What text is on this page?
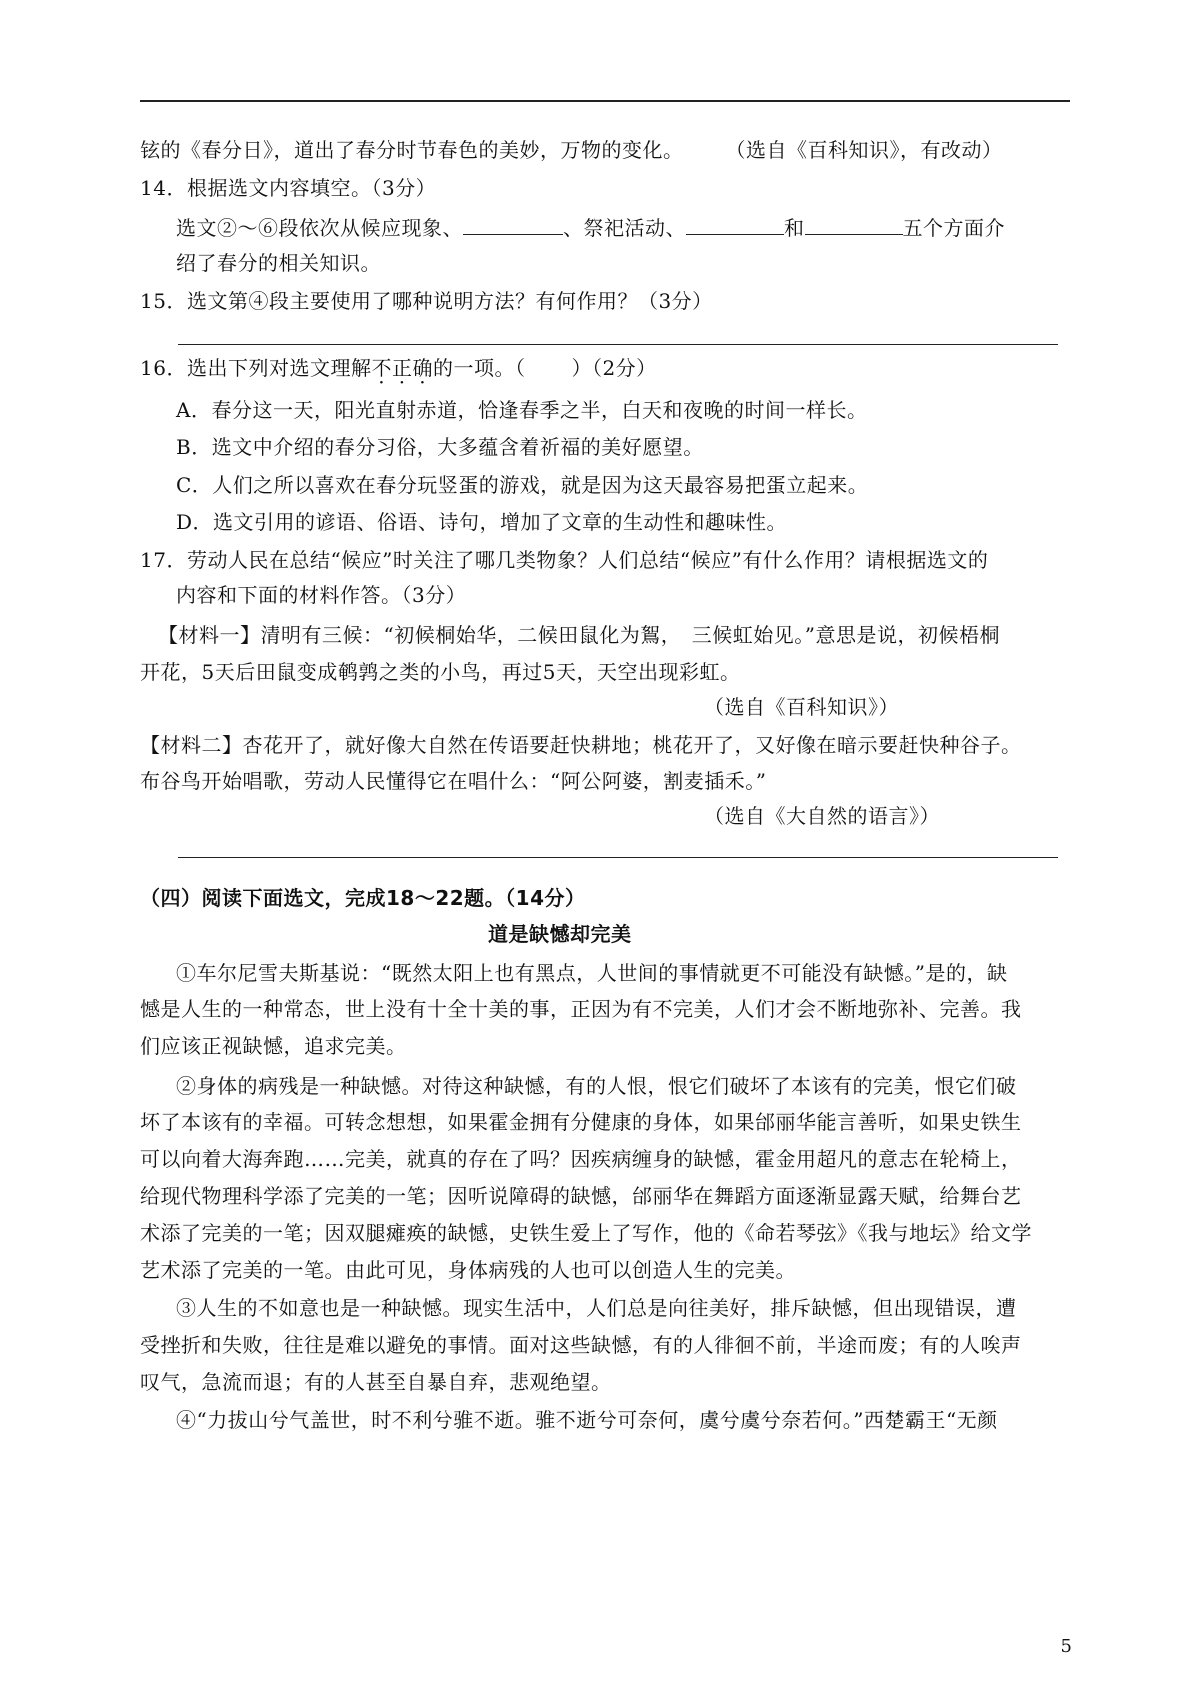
铉的《春分日》，道出了春分时节春色的美妙，万物的变化。 （选自《百科知识》，有改动）
14．根据选文内容填空。（3分）
选文②～⑥段依次从候应现象、	、祭祀活动、	和	五个方面介
绍了春分的相关知识。
15．选文第④段主要使用了哪种说明方法？有何作用？（3分）
16．选出下列对选文理解不正确的一项。（ ）（2分）
A．春分这一天，阳光直射赤道，恰逢春季之半，白天和夜晚的时间一样长。
B．选文中介绍的春分习俗，大多蕴含着祈福的美好愿望。
C．人们之所以喜欢在春分玩竖蛋的游戏，就是因为这天最容易把蛋立起来。
D．选文引用的谚语、俗语、诗句，增加了文章的生动性和趣味性。
17．劳动人民在总结“候应”时关注了哪几类物象？人们总结“候应”有什么作用？请根据选文的
内容和下面的材料作答。（3分）
【材料一】清明有三候：“初候桐始华，二候田鼠化为鴽，　三候虹始见。”意思是说，初候梧桐
开花，5天后田鼠变成鹌鹑之类的小鸟，再过5天，天空出现彩虹。
（选自《百科知识》）
【材料二】杏花开了，就好像大自然在传语要赶快耕地；桃花开了，又好像在暗示要赶快种谷子。
布谷鸟开始唱歌，劳动人民懂得它在唱什么：“阿公阿婆，割麦插禾。”
（选自《大自然的语言》）
（四）阅读下面选文，完成18～22题。（14分）
道是缺憾却完美
①车尔尼雪夫斯基说：“既然太阳上也有黑点，人世间的事情就更不可能没有缺憾。”是的，缺
憾是人生的一种常态，世上没有十全十美的事，正因为有不完美，人们才会不断地弥补、完善。我
们应该正视缺憾，追求完美。
②身体的病残是一种缺憾。对待这种缺憾，有的人恨，恨它们破坏了本该有的完美，恨它们破
坏了本该有的幸福。可转念想想，如果霍金拥有分健康的身体，如果邰丽华能言善听，如果史铁生
可以向着大海奔跑……完美，就真的存在了吗？因疾病缠身的缺憾，霍金用超凡的意志在轮椅上，
给现代物理科学添了完美的一笔；因听说障碍的缺憾，邰丽华在舞蹈方面逐渐显露天赋，给舞台艺
术添了完美的一笔；因双腿瘫痪的缺憾，史铁生爱上了写作，他的《命若琴弦》《我与地坛》给文学
艺术添了完美的一笔。由此可见，身体病残的人也可以创造人生的完美。
③人生的不如意也是一种缺憾。现实生活中，人们总是向往美好，排斥缺憾，但出现错误，遭
受挫折和失败，往往是难以避免的事情。面对这些缺憾，有的人徘徊不前，半途而废；有的人唉声
叹气，急流而退；有的人甚至自暴自弃，悲观绝望。
④“力拔山兮气盖世，时不利兮骓不逝。骓不逝兮可奈何，虞兮虞兮奈若何。”西楚霸王“无颜
5
